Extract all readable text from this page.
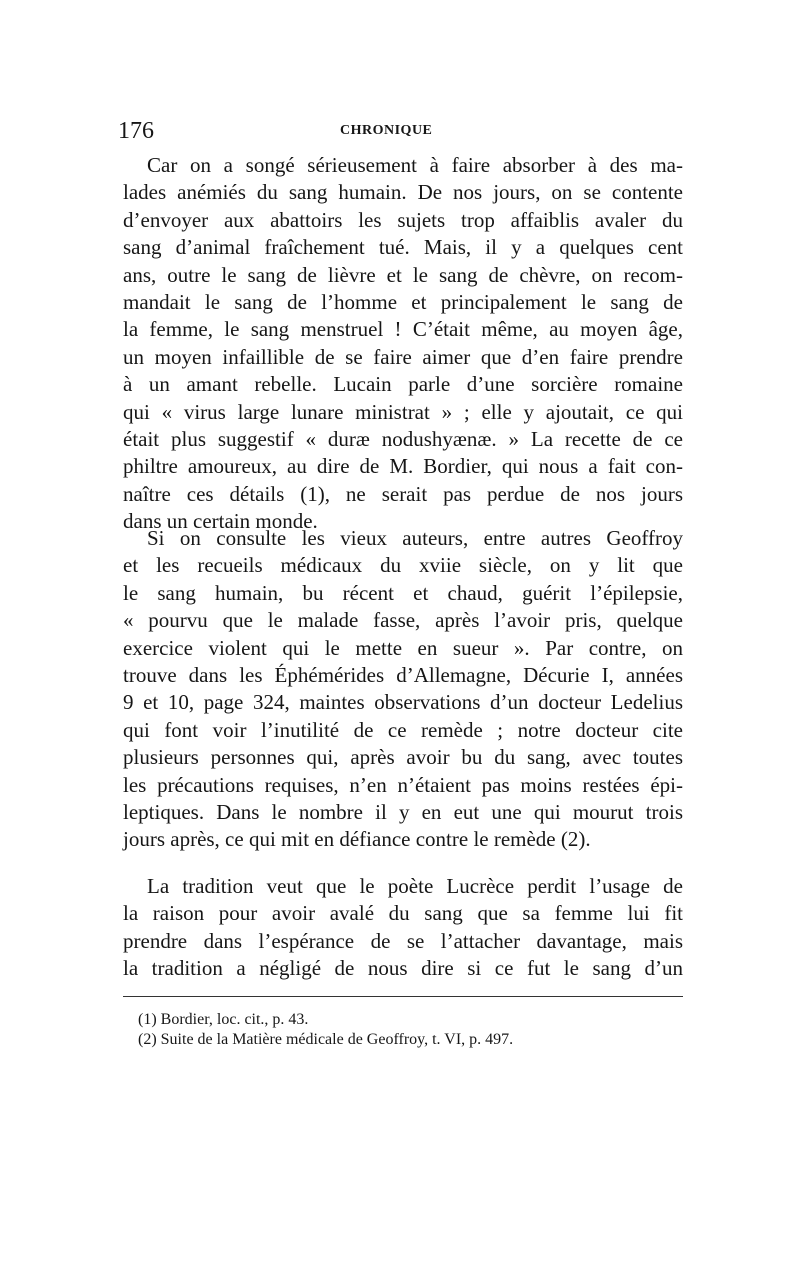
176	CHRONIQUE
Car on a songé sérieusement à faire absorber à des ma-
lades anémiés du sang humain. De nos jours, on se contente
d’envoyer aux abattoirs les sujets trop affaiblis avaler du
sang d’animal fraîchement tué. Mais, il y a quelques cent
ans, outre le sang de lièvre et le sang de chèvre, on recom-
mandait le sang de l’homme et principalement le sang de
la femme, le sang menstruel ! C’était même, au moyen âge,
un moyen infaillible de se faire aimer que d’en faire prendre
à un amant rebelle. Lucain parle d’une sorcière romaine
qui « virus large lunare ministrat » ; elle y ajoutait, ce qui
était plus suggestif « duræ nodushyænæ. » La recette de ce
philtre amoureux, au dire de M. Bordier, qui nous a fait con-
naître ces détails (1), ne serait pas perdue de nos jours
dans un certain monde.
Si on consulte les vieux auteurs, entre autres Geoffroy
et les recueils médicaux du xviie siècle, on y lit que
le sang humain, bu récent et chaud, guérit l’épilepsie,
« pourvu que le malade fasse, après l’avoir pris, quelque
exercice violent qui le mette en sueur ». Par contre, on
trouve dans les Éphémérides d’Allemagne, Décurie I, années
9 et 10, page 324, maintes observations d’un docteur Ledelius
qui font voir l’inutilité de ce remède ; notre docteur cite
plusieurs personnes qui, après avoir bu du sang, avec toutes
les précautions requises, n’en n’étaient pas moins restées épi-
leptiques. Dans le nombre il y en eut une qui mourut trois
jours après, ce qui mit en défiance contre le remède (2).
La tradition veut que le poète Lucrèce perdit l’usage de
la raison pour avoir avalé du sang que sa femme lui fit
prendre dans l’espérance de se l’attacher davantage, mais
la tradition a négligé de nous dire si ce fut le sang d’un
(1) Bordier, loc. cit., p. 43.
(2) Suite de la Matière médicale de Geoffroy, t. VI, p. 497.
